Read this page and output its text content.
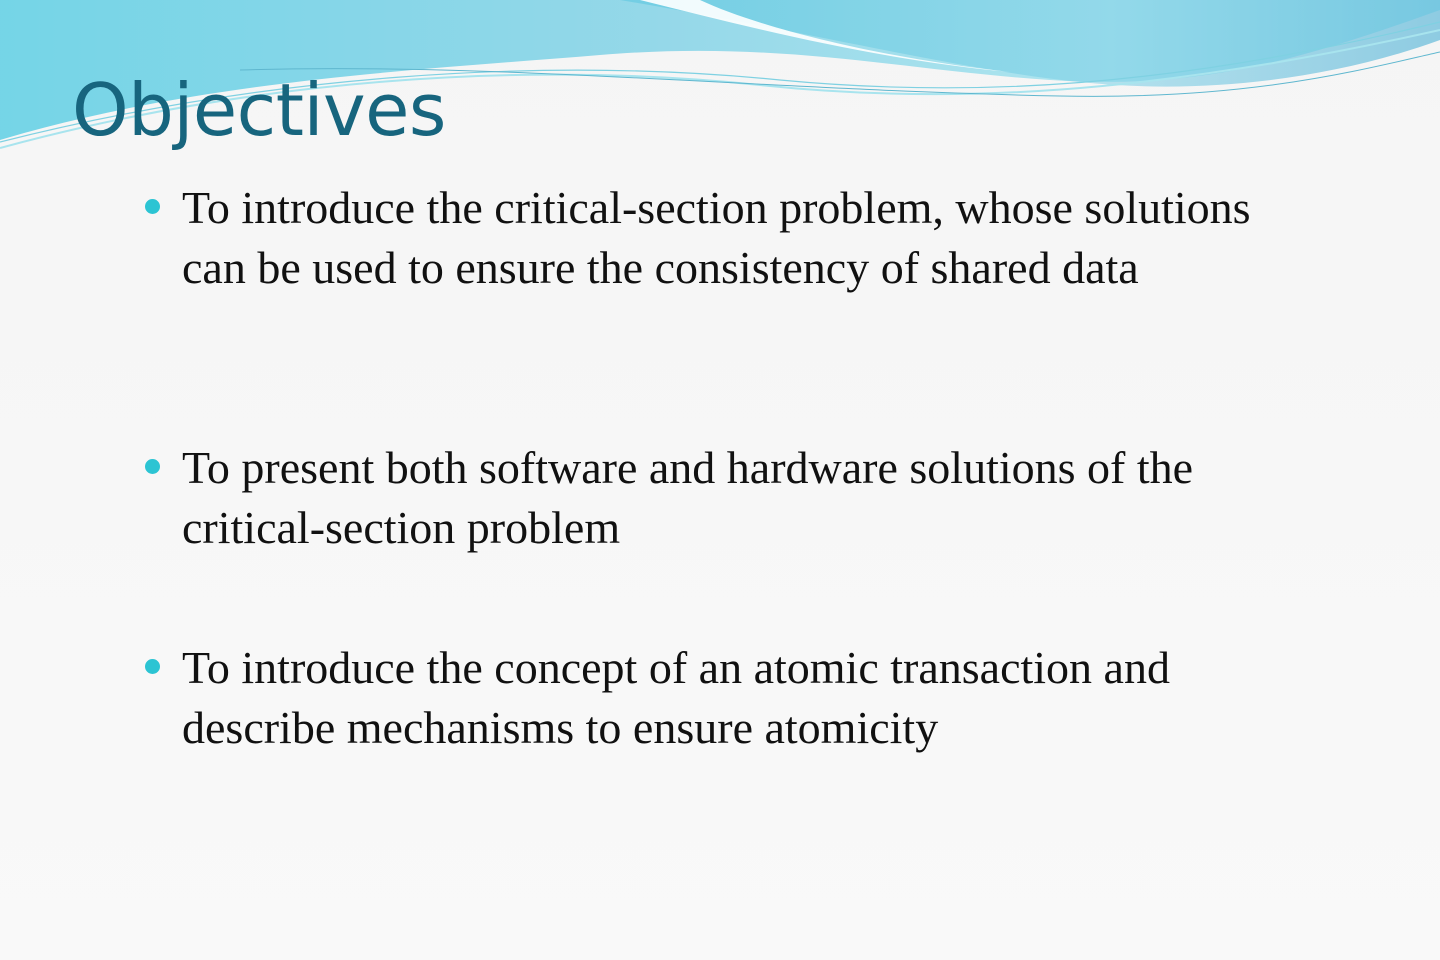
Objectives
To introduce the critical-section problem, whose solutions can be used to ensure the consistency of shared data
To present both software and hardware solutions of the critical-section problem
To introduce the concept of an atomic transaction and describe mechanisms to ensure atomicity
